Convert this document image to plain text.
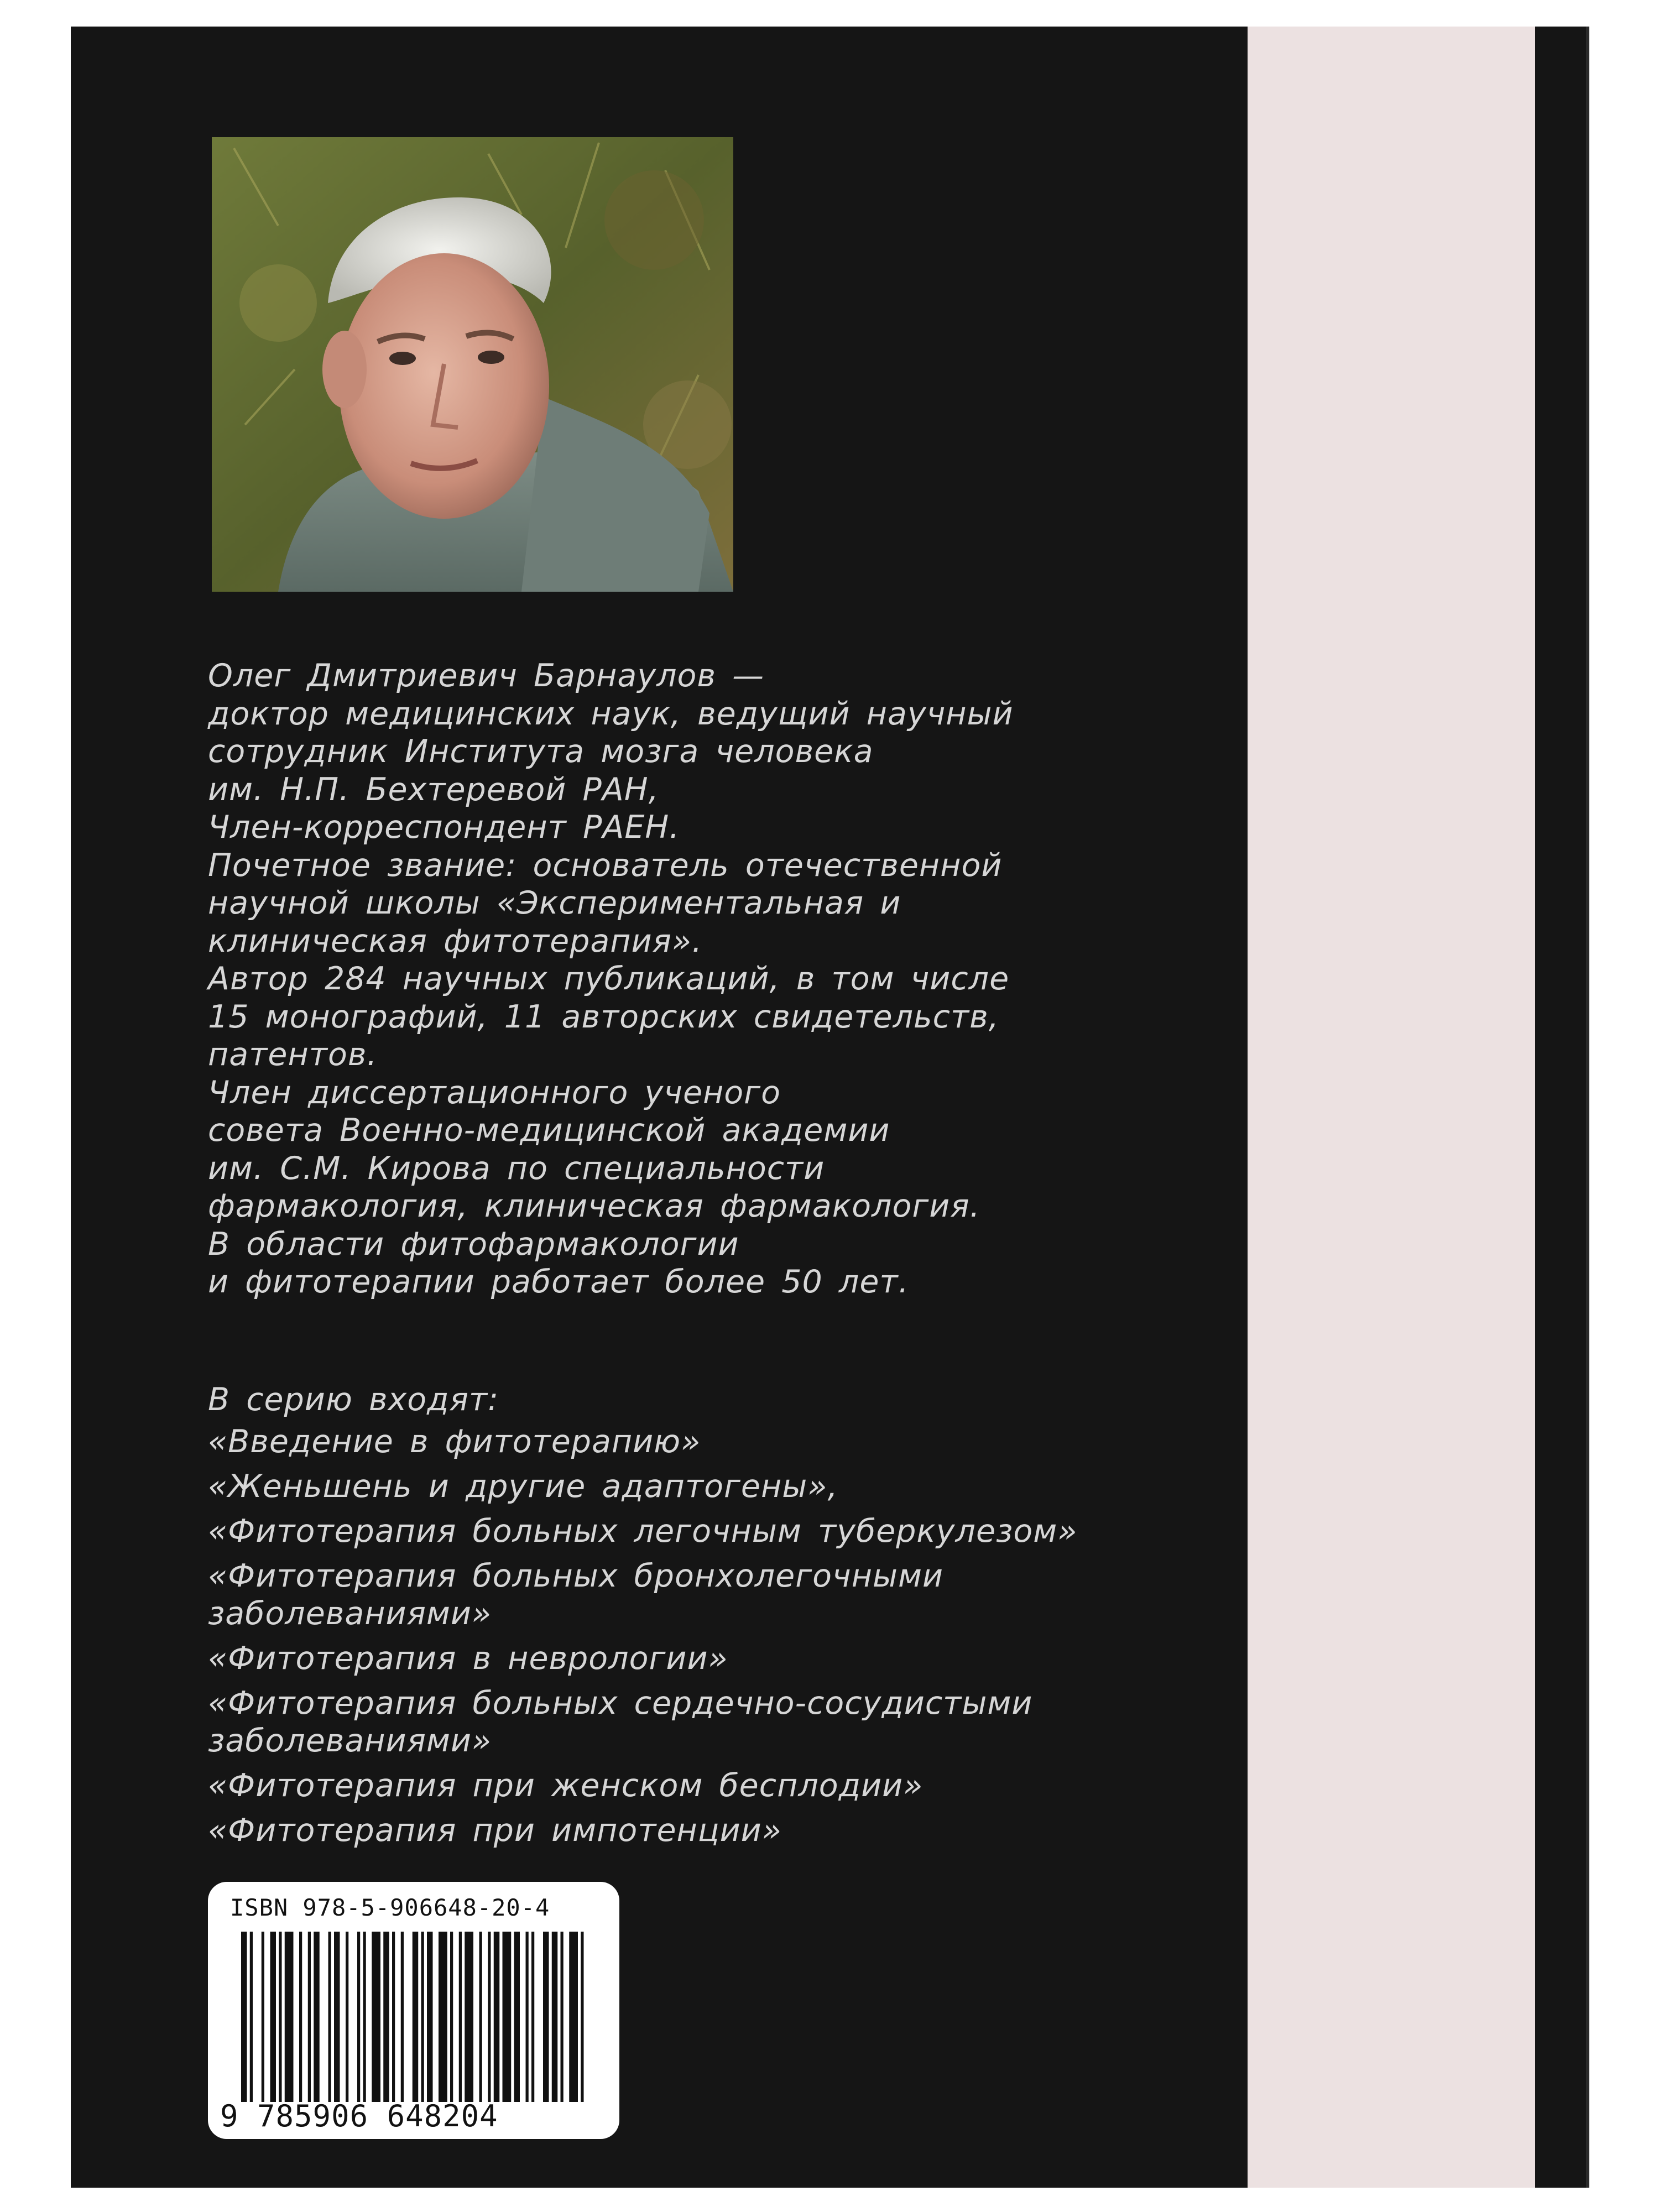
Олег Дмитриевич Барнаулов —
доктор медицинских наук, ведущий научный
сотрудник Института мозга человека
им. Н.П. Бехтеревой РАН,
Член-корреспондент РАЕН.
Почетное звание: основатель отечественной
научной школы «Экспериментальная и
клиническая фитотерапия».
Автор 284 научных публикаций, в том числе
15 монографий, 11 авторских свидетельств,
патентов.
Член диссертационного ученого
совета Военно-медицинской академии
им. С.М. Кирова по специальности
фармакология, клиническая фармакология.
В области фитофармакологии
и фитотерапии работает более 50 лет.
В серию входят:
«Введение в фитотерапию»
«Женьшень и другие адаптогены»,
«Фитотерапия больных легочным туберкулезом»
«Фитотерапия больных бронхолегочными
заболеваниями»
«Фитотерапия в неврологии»
«Фитотерапия больных сердечно-сосудистыми
заболеваниями»
«Фитотерапия при женском бесплодии»
«Фитотерапия при импотенции»
ISBN 978-5-906648-20-4
9 785906 648204
